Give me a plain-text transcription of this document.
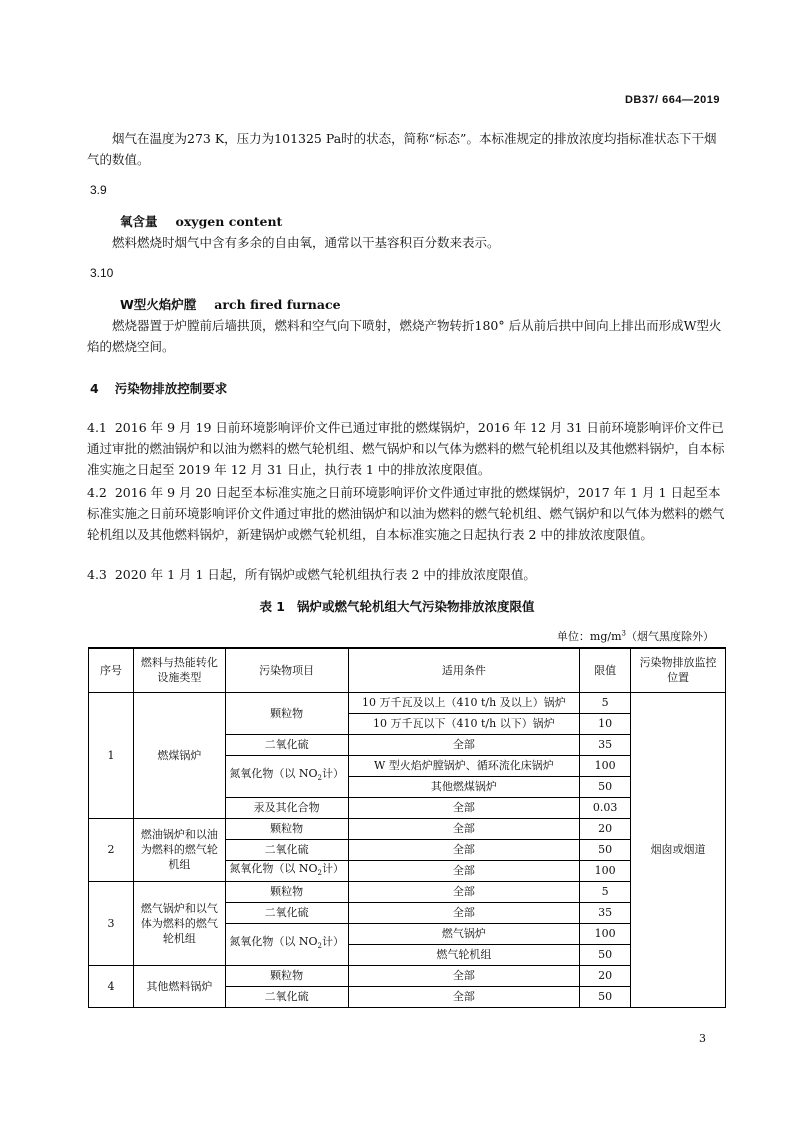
DB37/ 664—2019
烟气在温度为273 K，压力为101325 Pa时的状态，简称“标态”。本标准规定的排放浓度均指标准状态下干烟气的数值。
3.9
氧含量 oxygen content
燃料燃烧时烟气中含有多余的自由氧，通常以干基容积百分数来表示。
3.10
W型火焰炉膛 arch fired furnace
燃烧器置于炉膛前后墙拱顶，燃料和空气向下喷射，燃烧产物转折180° 后从前后拱中间向上排出而形成W型火焰的燃烧空间。
4 污染物排放控制要求
4.1 2016 年 9 月 19 日前环境影响评价文件已通过审批的燃煤锅炉，2016 年 12 月 31 日前环境影响评价文件已通过审批的燃油锅炉和以油为燃料的燃气轮机组、燃气锅炉和以气体为燃料的燃气轮机组以及其他燃料锅炉，自本标准实施之日起至 2019 年 12 月 31 日止，执行表 1 中的排放浓度限值。
4.2 2016 年 9 月 20 日起至本标准实施之日前环境影响评价文件通过审批的燃煤锅炉，2017 年 1 月 1 日起至本标准实施之日前环境影响评价文件通过审批的燃油锅炉和以油为燃料的燃气轮机组、燃气锅炉和以气体为燃料的燃气轮机组以及其他燃料锅炉，新建锅炉或燃气轮机组，自本标准实施之日起执行表 2 中的排放浓度限值。
4.3 2020 年 1 月 1 日起，所有锅炉或燃气轮机组执行表 2 中的排放浓度限值。
表 1 锅炉或燃气轮机组大气污染物排放浓度限值
单位：$mg/m^3$（烟气黑度除外）
序号	燃料与热能转化设施类型	污染物项目	适用条件	限值	污染物排放监控位置
1	燃煤锅炉	颗粒物	10 万千瓦及以上（410 t/h 及以上）锅炉	5	烟囱或烟道
			10 万千瓦以下（410 t/h 以下）锅炉	10	
		二氧化硫	全部	35	
		氮氧化物（以 $NO_2$计）	W 型火焰炉膛锅炉、循环流化床锅炉	100	
			其他燃煤锅炉	50	
		汞及其化合物	全部	0.03	
2	燃油锅炉和以油为燃料的燃气轮机组	颗粒物	全部	20	
		二氧化硫	全部	50	
		氮氧化物（以 $NO_2$计）	全部	100	
3	燃气锅炉和以气体为燃料的燃气轮机组	颗粒物	全部	5	
		二氧化硫	全部	35	
		氮氧化物（以 $NO_2$计）	燃气锅炉	100	
			燃气轮机组	50	
4	其他燃料锅炉	颗粒物	全部	20	
		二氧化硫	全部	50	
3
